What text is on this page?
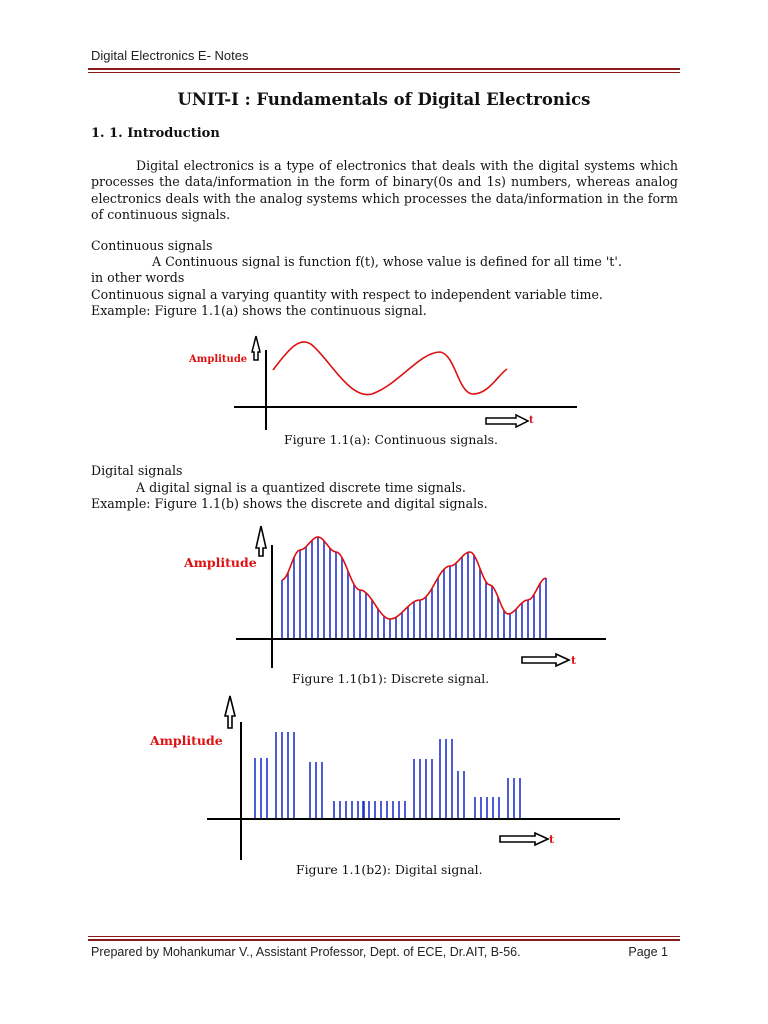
Digital Electronics E- Notes
UNIT-I : Fundamentals of Digital Electronics
1. 1. Introduction
Digital electronics is a type of electronics that deals with the digital systems which processes the data/information in the form of binary(0s and 1s) numbers, whereas analog electronics deals with the analog systems which processes the data/information in the form of continuous signals.
Continuous signals
A Continuous signal is function f(t), whose value is defined for all time 't'.
in other words
Continuous signal a varying quantity with respect to independent variable time.
Example: Figure 1.1(a) shows the continuous signal.
Amplitude
t
Figure 1.1(a): Continuous signals.
Digital signals
A digital signal is a quantized discrete time signals.
Example: Figure 1.1(b) shows the discrete and digital signals.
Amplitude
t
Figure 1.1(b1): Discrete signal.
Amplitude
t
Figure 1.1(b2): Digital signal.
Prepared by Mohankumar V., Assistant Professor, Dept. of ECE, Dr.AIT, B-56.	Page 1
